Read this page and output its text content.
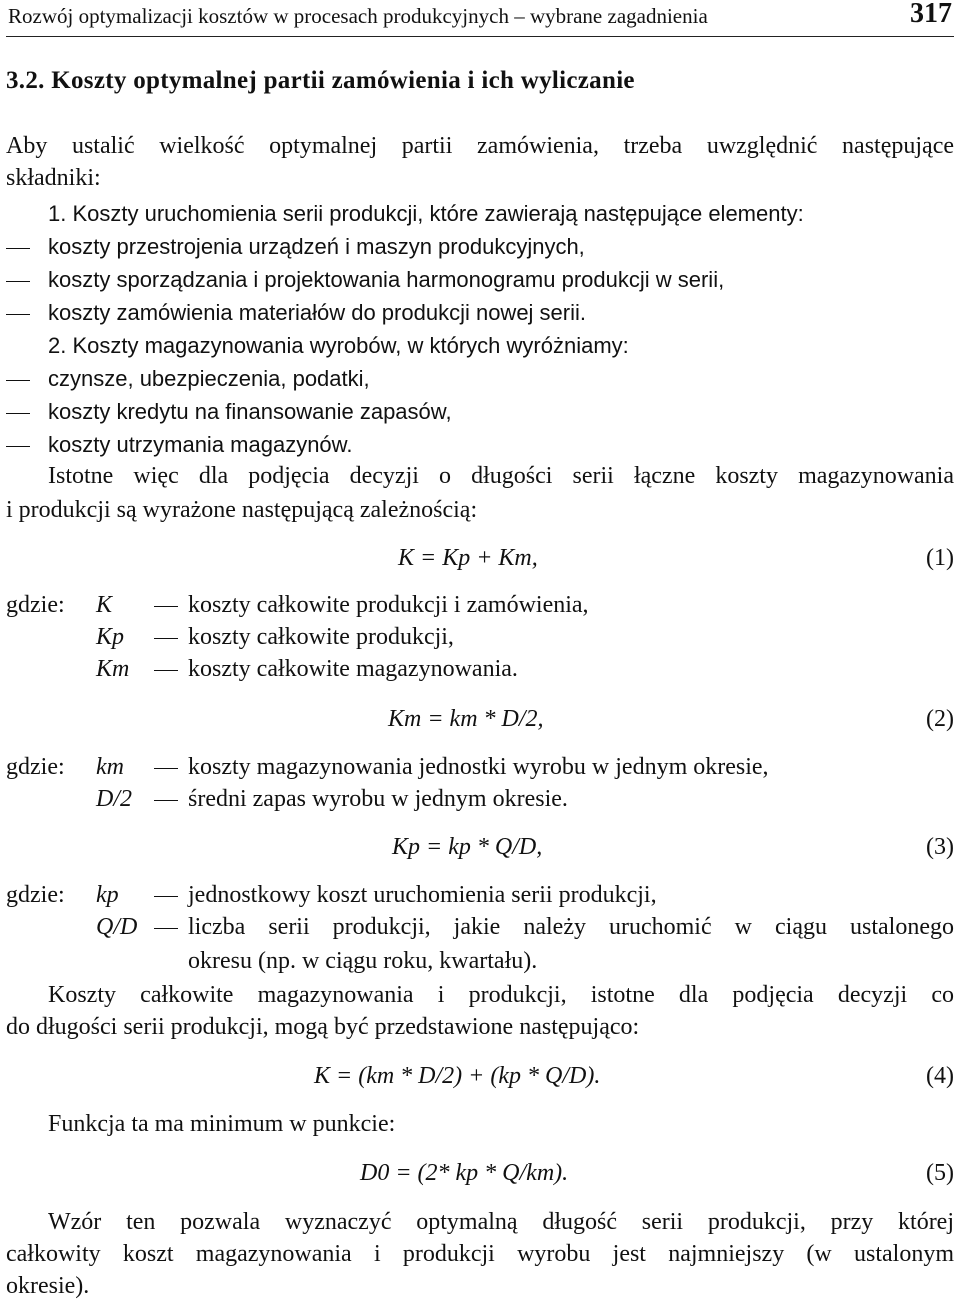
Rozwój optymalizacji kosztów w procesach produkcyjnych – wybrane zagadnienia	317
3.2. Koszty optymalnej partii zamówienia i ich wyliczanie
Aby ustalić wielkość optymalnej partii zamówienia, trzeba uwzględnić następujące
składniki:
1. Koszty uruchomienia serii produkcji, które zawierają następujące elementy:
koszty przestrojenia urządzeń i maszyn produkcyjnych,
koszty sporządzania i projektowania harmonogramu produkcji w serii,
koszty zamówienia materiałów do produkcji nowej serii.
2. Koszty magazynowania wyrobów, w których wyróżniamy:
czynsze, ubezpieczenia, podatki,
koszty kredytu na finansowanie zapasów,
koszty utrzymania magazynów.
Istotne więc dla podjęcia decyzji o długości serii łączne koszty magazynowania
i produkcji są wyrażone następującą zależnością:
K = Kp + Km,	(1)
gdzie: K	koszty całkowite produkcji i zamówienia,
Kp	koszty całkowite produkcji,
Km koszty całkowite magazynowania.
Km = km * D/2,	(2)
gdzie: km	koszty magazynowania jednostki wyrobu w jednym okresie,
D/2 średni zapas wyrobu w jednym okresie.
Kp = kp * Q/D,	(3)
gdzie: kp	jednostkowy koszt uruchomienia serii produkcji,
Q/D liczba serii produkcji, jakie należy uruchomić w ciągu ustalonego
okresu (np. w ciągu roku, kwartału).
Koszty całkowite magazynowania i produkcji, istotne dla podjęcia decyzji co
do długości serii produkcji, mogą być przedstawione następująco:
K = (km * D/2) + (kp * Q/D).	(4)
Funkcja ta ma minimum w punkcie:
D0 = (2* kp * Q/km).	(5)
Wzór ten pozwala wyznaczyć optymalną długość serii produkcji, przy której
całkowity koszt magazynowania i produkcji wyrobu jest najmniejszy (w ustalonym
okresie).
